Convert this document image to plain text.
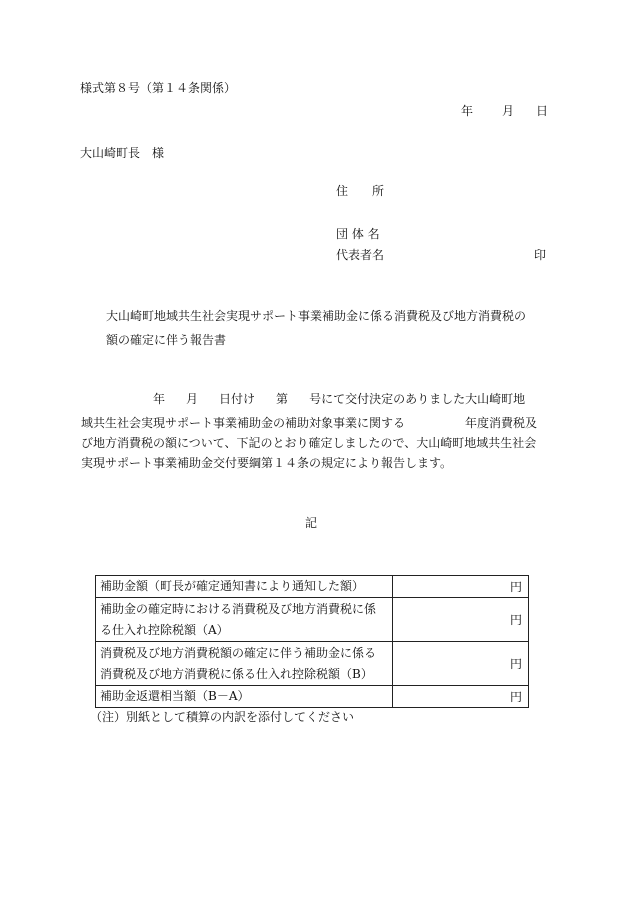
様式第８号（第１４条関係）
年 月 日
大山崎町長　様
住　　所
団 体 名
代表者名	印
大山崎町地域共生社会実現サポート事業補助金に係る消費税及び地方消費税の
額の確定に伴う報告書
年 月 日付け 第 号にて交付決定のありました大山崎町地
域共生社会実現サポート事業補助金の補助対象事業に関する	年度消費税及
び地方消費税の額について、下記のとおり確定しましたので、大山崎町地域共生社会
実現サポート事業補助金交付要綱第１４条の規定により報告します。
記
補助金額（町長が確定通知書により通知した額）	円

補助金の確定時における消費税及び地方消費税に係
る仕入れ控除税額（A）	円

消費税及び地方消費税額の確定に伴う補助金に係る
消費税及び地方消費税に係る仕入れ控除税額（B）	円

補助金返還相当額（B－A）	円
（注）別紙として積算の内訳を添付してください
